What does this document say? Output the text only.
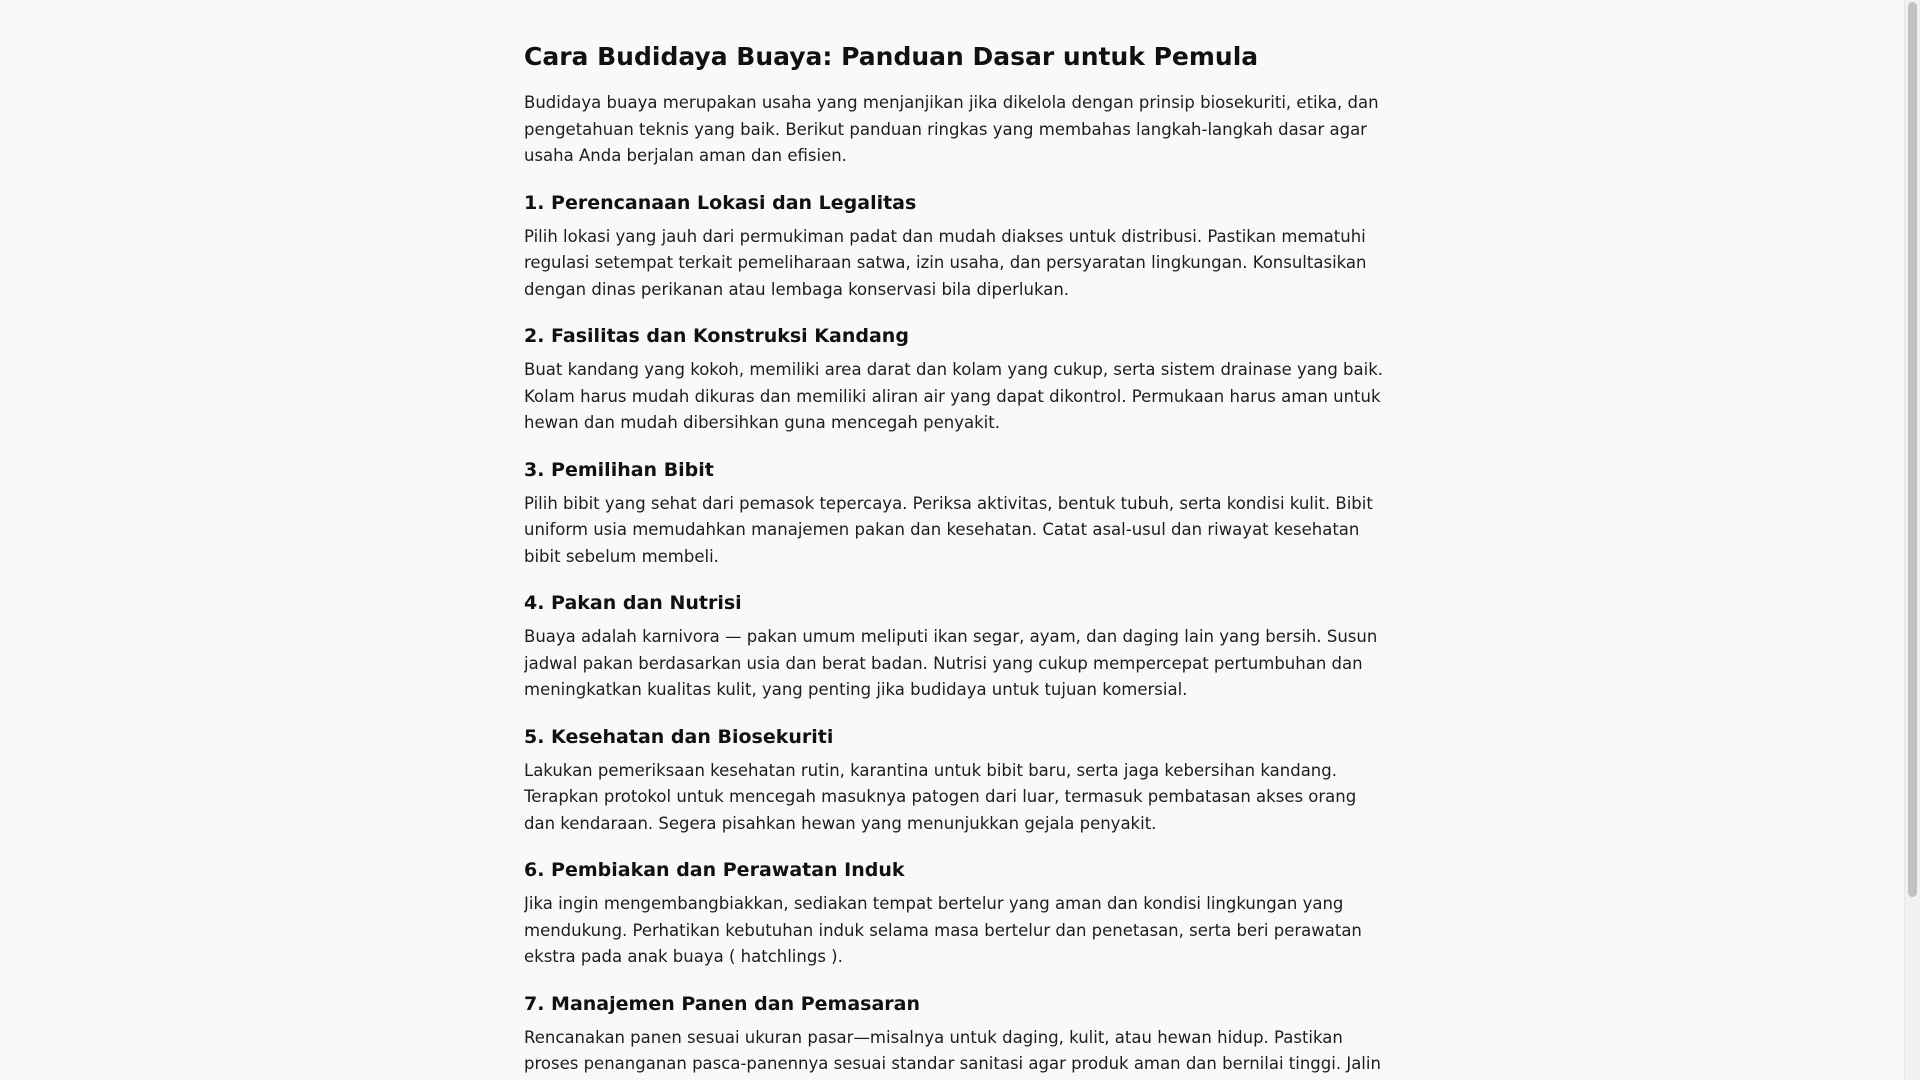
Cara Budidaya Buaya: Panduan Dasar untuk Pemula

Budidaya buaya merupakan usaha yang menjanjikan jika dikelola dengan prinsip biosekuriti, etika, dan pengetahuan teknis yang baik. Berikut panduan ringkas yang membahas langkah-langkah dasar agar usaha Anda berjalan aman dan efisien.

1. Perencanaan Lokasi dan Legalitas

Pilih lokasi yang jauh dari permukiman padat dan mudah diakses untuk distribusi. Pastikan mematuhi regulasi setempat terkait pemeliharaan satwa, izin usaha, dan persyaratan lingkungan. Konsultasikan dengan dinas perikanan atau lembaga konservasi bila diperlukan.

2. Fasilitas dan Konstruksi Kandang

Buat kandang yang kokoh, memiliki area darat dan kolam yang cukup, serta sistem drainase yang baik. Kolam harus mudah dikuras dan memiliki aliran air yang dapat dikontrol. Permukaan harus aman untuk hewan dan mudah dibersihkan guna mencegah penyakit.

3. Pemilihan Bibit

Pilih bibit yang sehat dari pemasok tepercaya. Periksa aktivitas, bentuk tubuh, serta kondisi kulit. Bibit uniform usia memudahkan manajemen pakan dan kesehatan. Catat asal-usul dan riwayat kesehatan bibit sebelum membeli.

4. Pakan dan Nutrisi

Buaya adalah karnivora — pakan umum meliputi ikan segar, ayam, dan daging lain yang bersih. Susun jadwal pakan berdasarkan usia dan berat badan. Nutrisi yang cukup mempercepat pertumbuhan dan meningkatkan kualitas kulit, yang penting jika budidaya untuk tujuan komersial.

5. Kesehatan dan Biosekuriti

Lakukan pemeriksaan kesehatan rutin, karantina untuk bibit baru, serta jaga kebersihan kandang. Terapkan protokol untuk mencegah masuknya patogen dari luar, termasuk pembatasan akses orang dan kendaraan. Segera pisahkan hewan yang menunjukkan gejala penyakit.

6. Pembiakan dan Perawatan Induk

Jika ingin mengembangbiakkan, sediakan tempat bertelur yang aman dan kondisi lingkungan yang mendukung. Perhatikan kebutuhan induk selama masa bertelur dan penetasan, serta beri perawatan ekstra pada anak buaya ( hatchlings ).

7. Manajemen Panen dan Pemasaran

Rencanakan panen sesuai ukuran pasar—misalnya untuk daging, kulit, atau hewan hidup. Pastikan proses penanganan pasca-panennya sesuai standar sanitasi agar produk aman dan bernilai tinggi. Jalin
